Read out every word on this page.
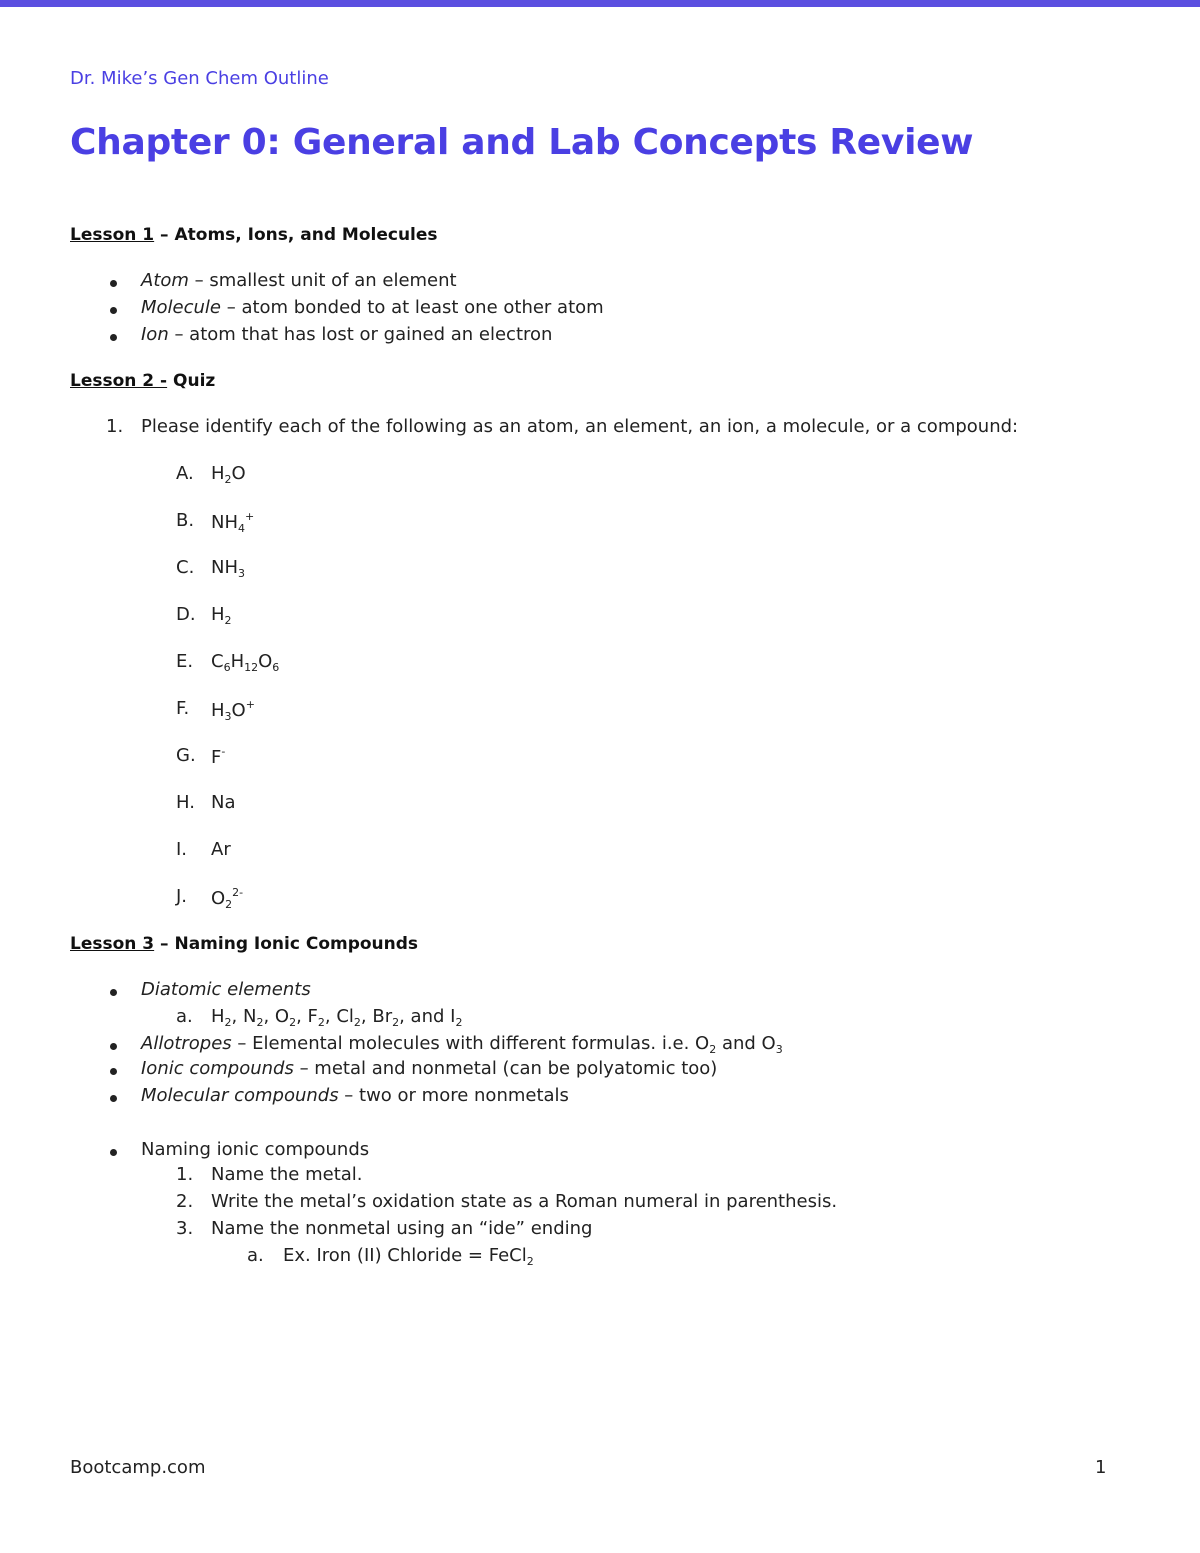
Dr. Mike’s Gen Chem Outline
Chapter 0: General and Lab Concepts Review
Lesson 1 – Atoms, Ions, and Molecules
Atom – smallest unit of an element
Molecule – atom bonded to at least one other atom
Ion – atom that has lost or gained an electron
Lesson 2 - Quiz
1. Please identify each of the following as an atom, an element, an ion, a molecule, or a compound:
A. $H_2O$
B. $NH_4^+$
C. $NH_3$
D. $H_2$
E. $C_6H_{12}O_6$
F. $H_3O^+$
G. F-
H. Na
I. Ar
J. $O_2^{2-}$
Lesson 3 – Naming Ionic Compounds
Diatomic elements
a. $H_2$, $N_2$, $O_2$, $F_2$, $Cl_2$, $Br_2$, and $I_2$
Allotropes – Elemental molecules with different formulas. i.e. $O_2$ and $O_3$
Ionic compounds – metal and nonmetal (can be polyatomic too)
Molecular compounds – two or more nonmetals
Naming ionic compounds
1. Name the metal.
2. Write the metal’s oxidation state as a Roman numeral in parenthesis.
3. Name the nonmetal using an “ide” ending
a. Ex. Iron (II) Chloride = FeCl$_2$
Bootcamp.com	1
